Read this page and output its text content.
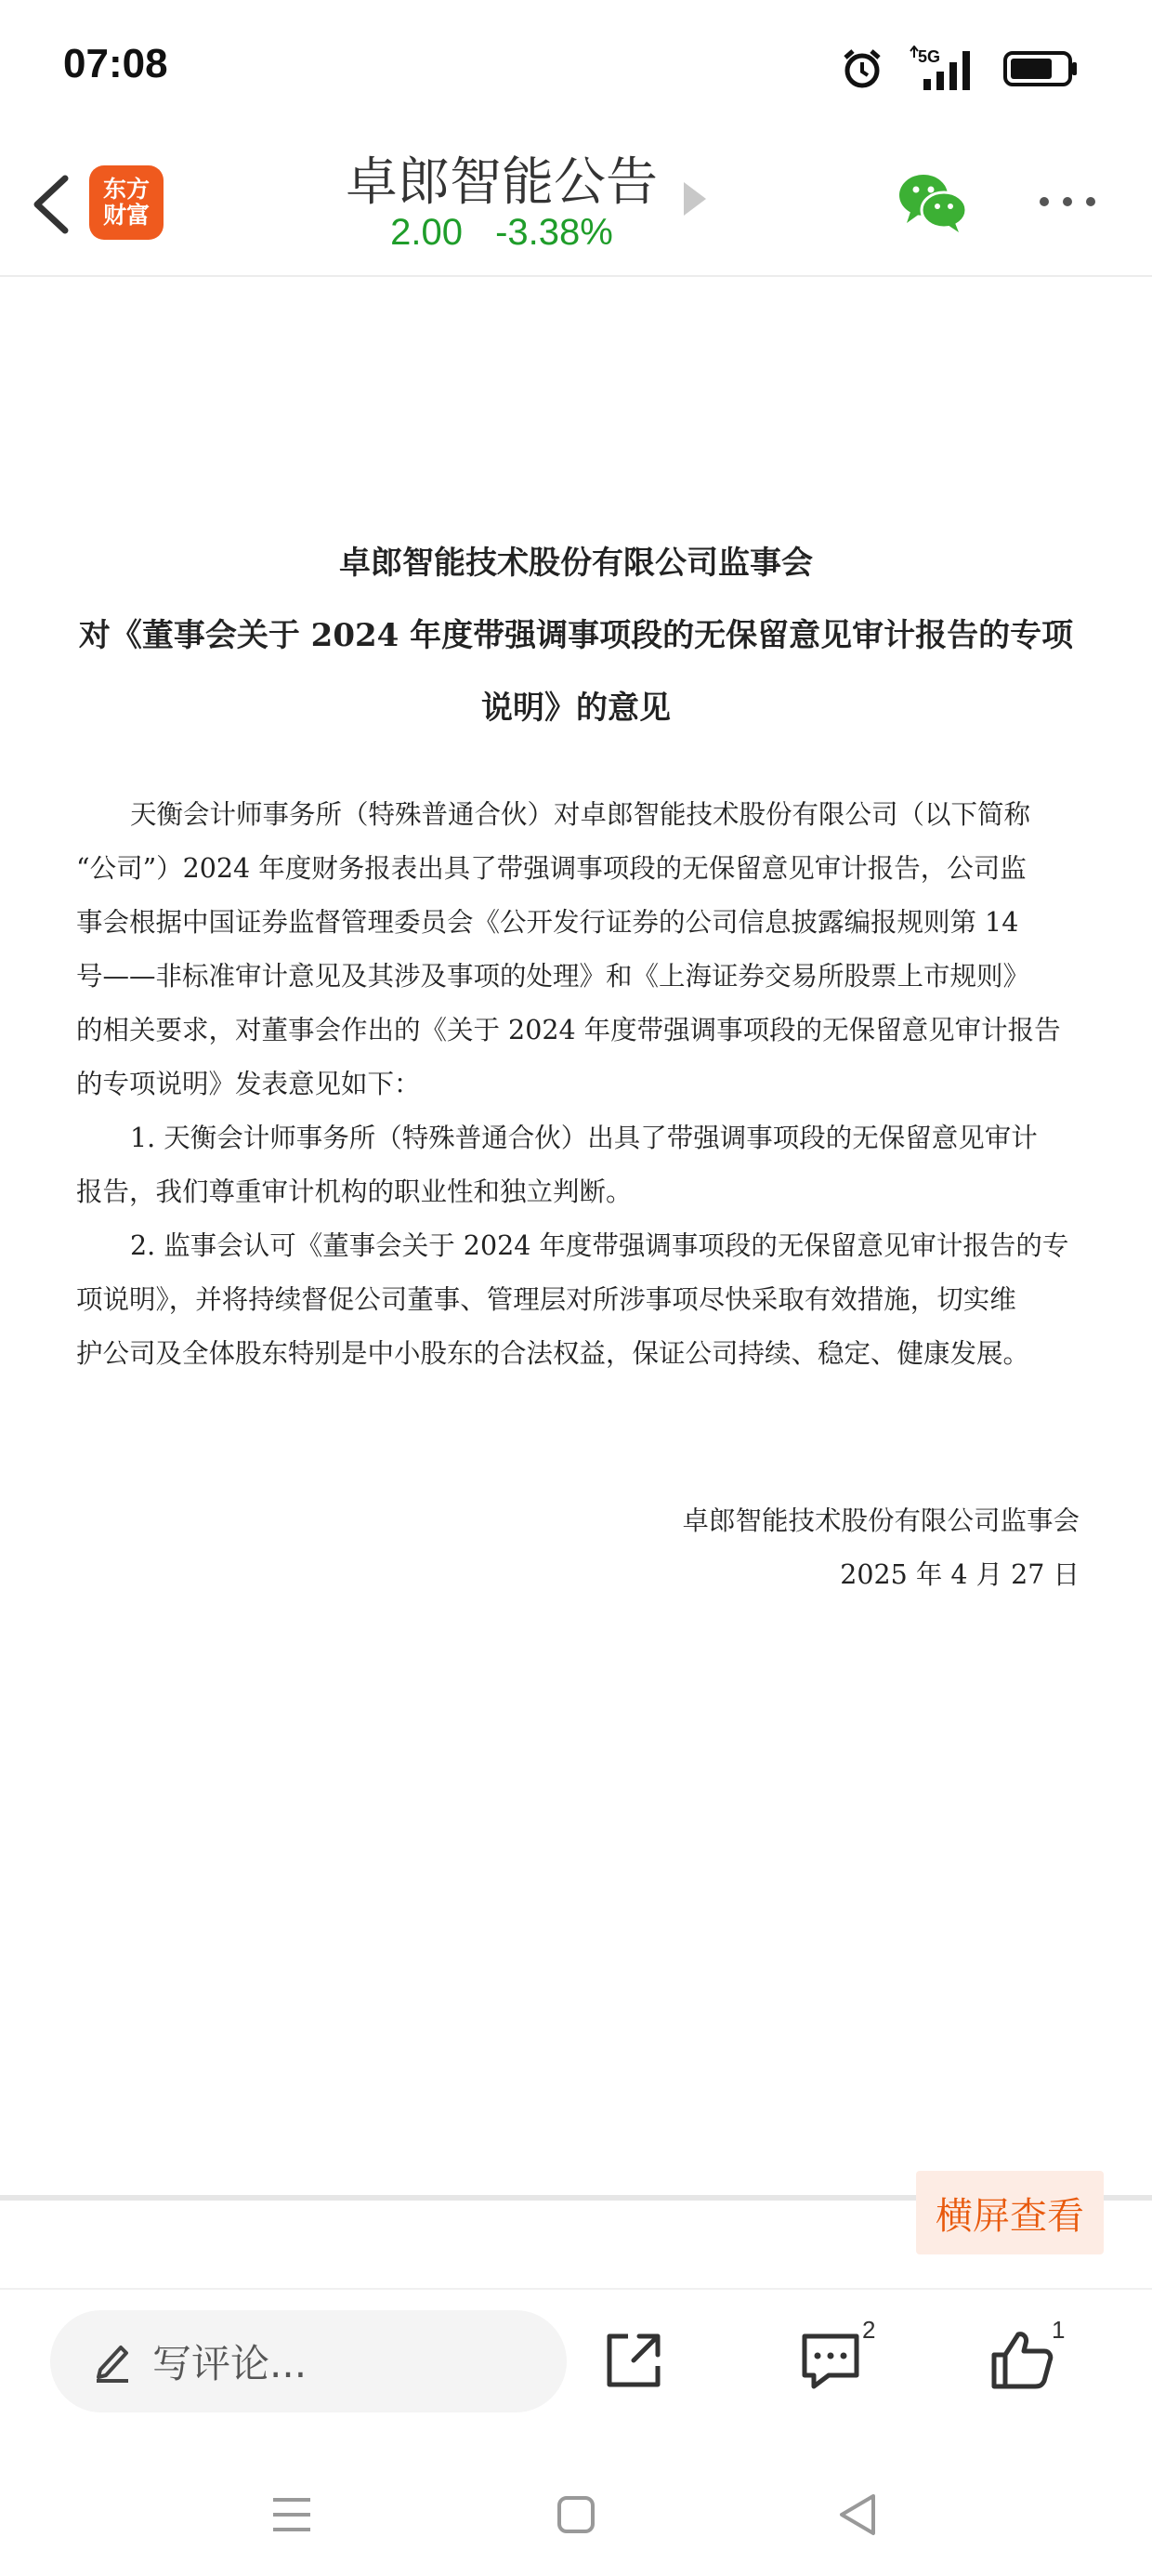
07:08	5G
东方
财富
卓郎智能公告
2.00 -3.38%
卓郎智能技术股份有限公司监事会
对《董事会关于 2024 年度带强调事项段的无保留意见审计报告的专项
说明》的意见
天衡会计师事务所（特殊普通合伙）对卓郎智能技术股份有限公司（以下简称
“公司”）2024 年度财务报表出具了带强调事项段的无保留意见审计报告，公司监
事会根据中国证券监督管理委员会《公开发行证券的公司信息披露编报规则第 14
号——非标准审计意见及其涉及事项的处理》和《上海证券交易所股票上市规则》
的相关要求，对董事会作出的《关于 2024 年度带强调事项段的无保留意见审计报告
的专项说明》发表意见如下：
1. 天衡会计师事务所（特殊普通合伙）出具了带强调事项段的无保留意见审计
报告，我们尊重审计机构的职业性和独立判断。
2. 监事会认可《董事会关于 2024 年度带强调事项段的无保留意见审计报告的专
项说明》，并将持续督促公司董事、管理层对所涉事项尽快采取有效措施，切实维
护公司及全体股东特别是中小股东的合法权益，保证公司持续、稳定、健康发展。
卓郎智能技术股份有限公司监事会
2025 年 4 月 27 日
横屏查看
写评论...
2	1
